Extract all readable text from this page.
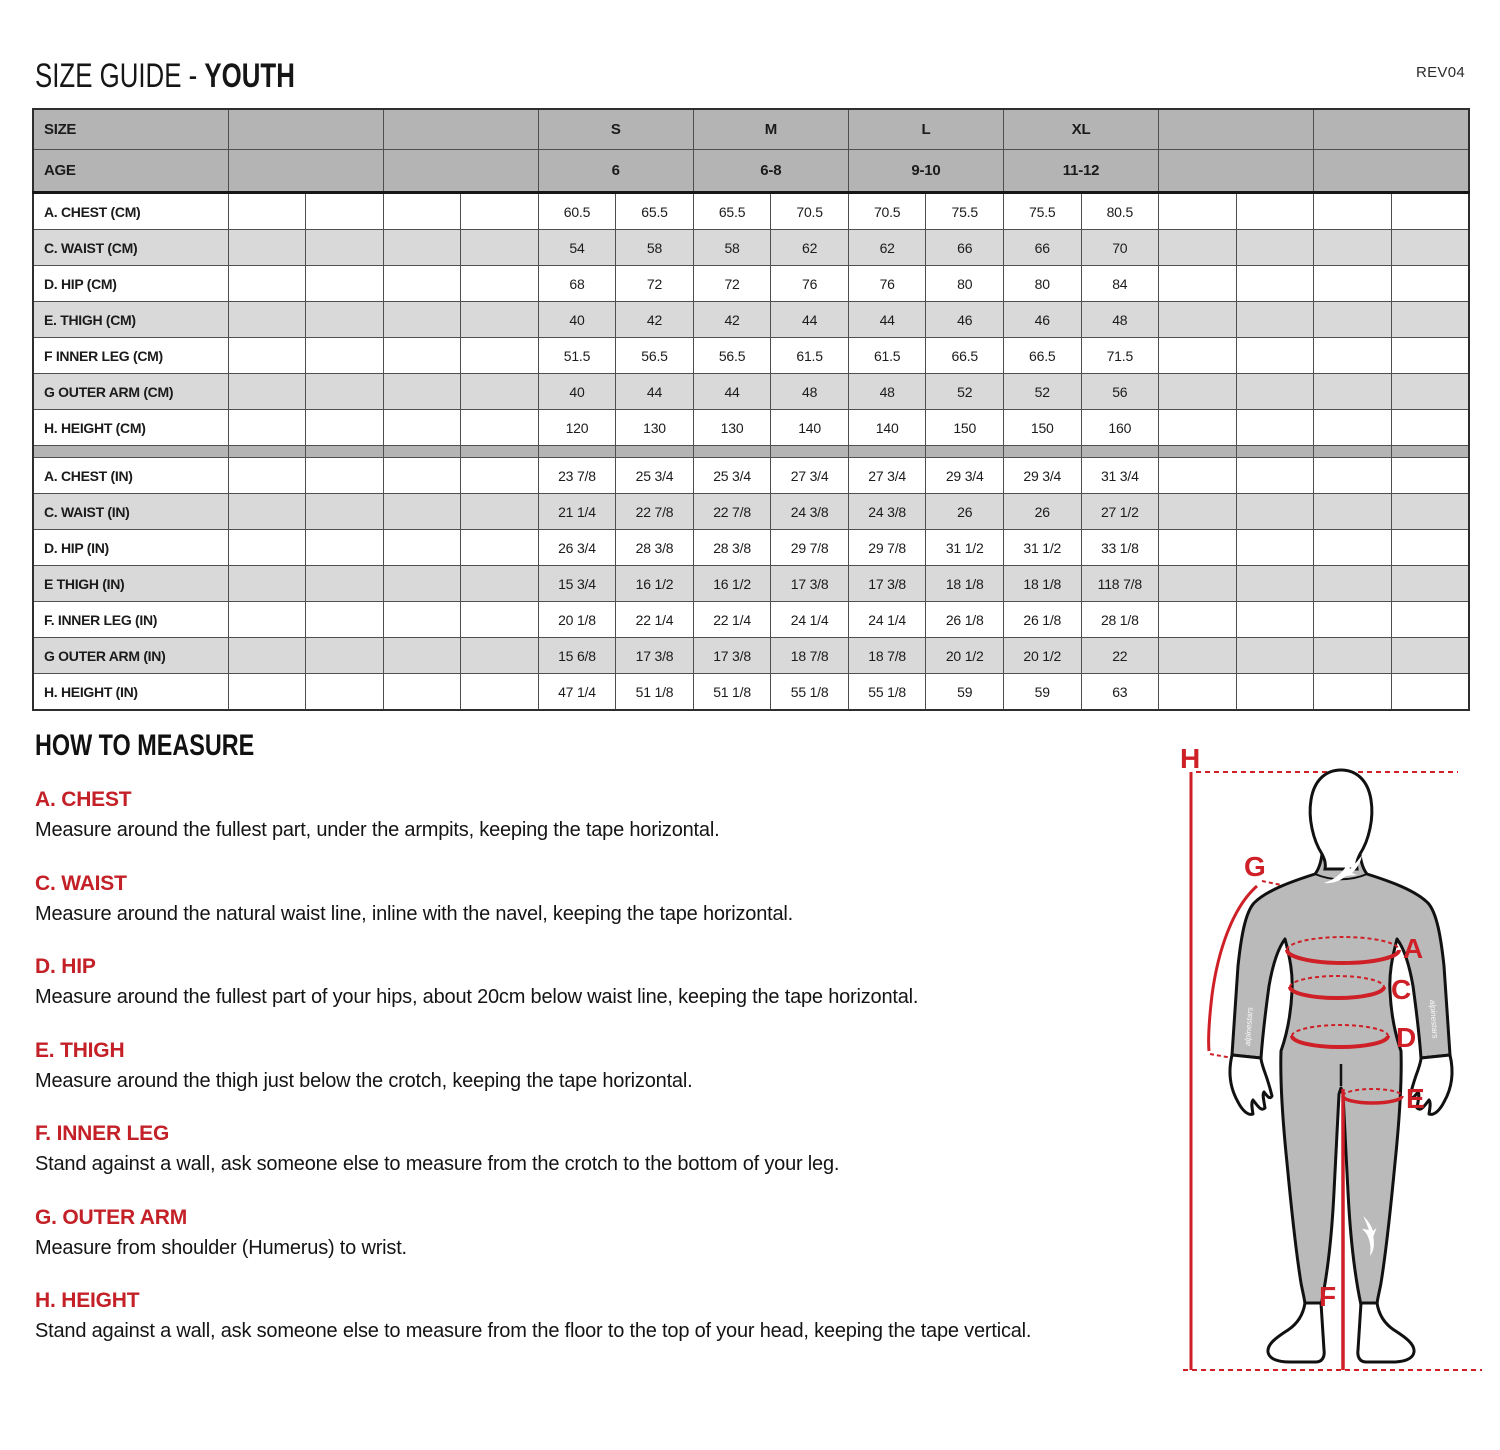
SIZE GUIDE - YOUTH	REV04
SIZE					S		M		L		XL					
AGE					6		6-8		9-10		11-12					
A. CHEST (CM)					60.5	65.5	65.5	70.5	70.5	75.5	75.5	80.5				
C. WAIST (CM)					54	58	58	62	62	66	66	70				
D. HIP (CM)					68	72	72	76	76	80	80	84				
E. THIGH (CM)					40	42	42	44	44	46	46	48				
F INNER LEG (CM)					51.5	56.5	56.5	61.5	61.5	66.5	66.5	71.5				
G OUTER ARM (CM)					40	44	44	48	48	52	52	56				
H. HEIGHT (CM)					120	130	130	140	140	150	150	160				

A. CHEST (IN)					23 7/8	25 3/4	25 3/4	27 3/4	27 3/4	29 3/4	29 3/4	31 3/4				
C. WAIST (IN)					21 1/4	22 7/8	22 7/8	24 3/8	24 3/8	26	26	27 1/2				
D. HIP (IN)					26 3/4	28 3/8	28 3/8	29 7/8	29 7/8	31 1/2	31 1/2	33 1/8				
E THIGH (IN)					15 3/4	16 1/2	16 1/2	17 3/8	17 3/8	18 1/8	18 1/8	118 7/8				
F. INNER LEG (IN)					20 1/8	22 1/4	22 1/4	24 1/4	24 1/4	26 1/8	26 1/8	28 1/8				
G OUTER ARM (IN)					15 6/8	17 3/8	17 3/8	18 7/8	18 7/8	20 1/2	20 1/2	22				
H. HEIGHT (IN)					47 1/4	51 1/8	51 1/8	55 1/8	55 1/8	59	59	63				
HOW TO MEASURE
A. CHEST
Measure around the fullest part, under the armpits, keeping the tape horizontal.
C. WAIST
Measure around the natural waist line, inline with the navel, keeping the tape horizontal.
D. HIP
Measure around the fullest part of your hips, about 20cm below waist line, keeping the tape horizontal.
E. THIGH
Measure around the thigh just below the crotch, keeping the tape horizontal.
F. INNER LEG
Stand against a wall, ask someone else to measure from the crotch to the bottom of your leg.
G. OUTER ARM
Measure from shoulder (Humerus) to wrist.
H. HEIGHT
Stand against a wall, ask someone else to measure from the floor to the top of your head, keeping the tape vertical.
alpinestars	alpinestars
H
G
A
C
D
E
F
